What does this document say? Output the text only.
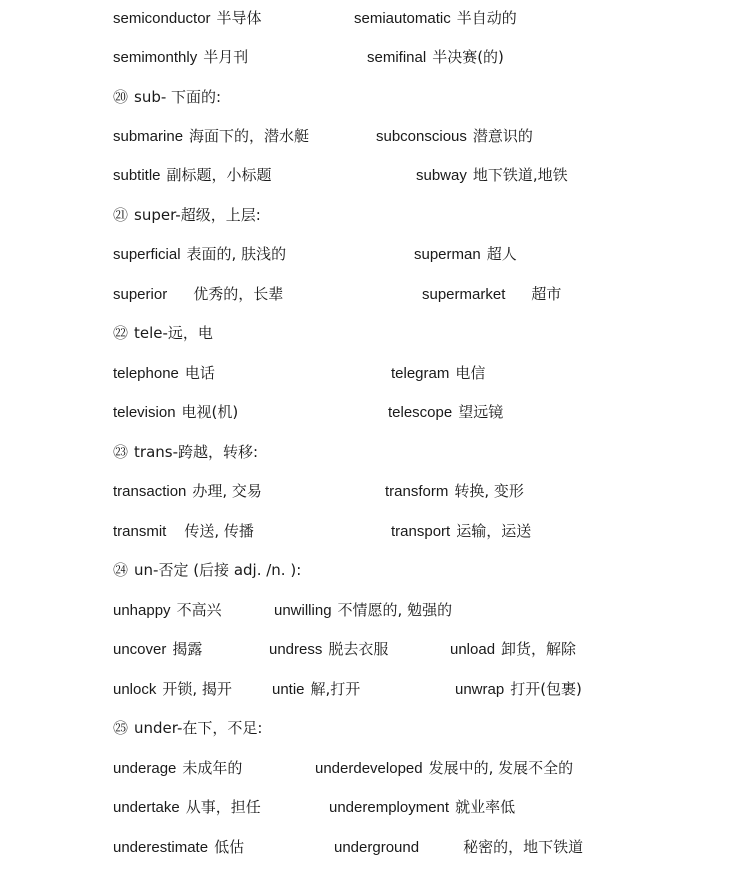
semiconductor 半导体	semiautomatic 半自动的
semimonthly 半月刊	semifinal 半决赛(的)
⑳ sub- 下面的:
submarine 海面下的，潜水艇	subconscious 潜意识的
subtitle 副标题，小标题	subway 地下铁道,地铁
㉑ super-超级，上层:
superficial 表面的, 肤浅的	superman 超人
superior 优秀的，长辈	supermarket 超市
㉒ tele-远，电
telephone 电话	telegram 电信
television 电视(机)	telescope 望远镜
㉓ trans-跨越，转移:
transaction 办理, 交易	transform 转换, 变形
transmit 传送, 传播	transport 运输，运送
㉔ un-否定 (后接 adj. /n. ):
unhappy 不高兴	unwilling 不情愿的, 勉强的
uncover 揭露	undress 脱去衣服	unload 卸货，解除
unlock 开锁, 揭开	untie 解,打开	unwrap 打开(包裹)
㉕ under-在下，不足:
underage 未成年的	underdeveloped 发展中的, 发展不全的
undertake 从事，担任	underemployment 就业率低
underestimate 低估	underground	秘密的，地下铁道
